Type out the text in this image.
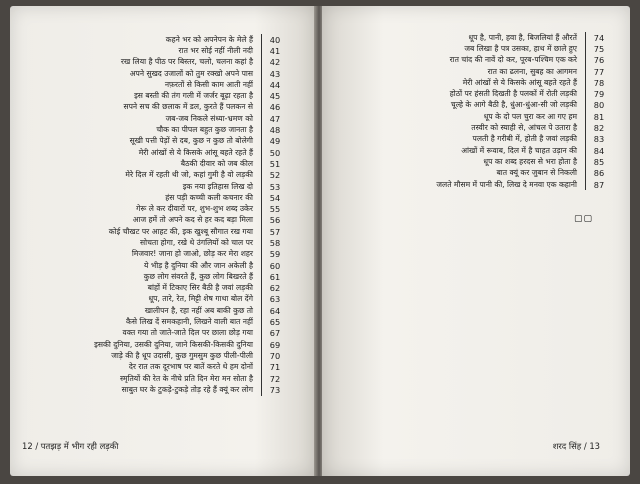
कहने भर को अपनेपन के मेले हैं	40
रात भर सोई नहीं नीली नदी	41
रख लिया है पीठ पर बिस्तर, चलो, चलना कहां है	42
अपने सुखद उजालों को तुम रक्खो अपने पास	43
नफ़रतों से किसी काम आती नहीं	44
इस बस्ती की तंग गली में जर्जर बूढ़ा रहता है	45
सपने सच की छलाक में डल, कुरते हैं पलकन से	46
जब-जब निकले संध्या-भ्रमण को	47
चौक का पीपल बहुत कुछ जानता है	48
सूखी पत्ती पेड़ों से दब, कुछ न कुछ तो बोलेगी	49
मेरी आंखों से ये किसके आंसू बहते रहते हैं	50
बैठकी दीवार को जब कील	51
मेरे दिल में रहती थी जो, कहां गुमी है वो लड़की	52
इक नया इतिहास लिख दो	53
हंस पड़ी कच्ची कली कचनार की	54
गेरू ले कर दीवारों पर, शुभ-शुभ शब्द उकेर	55
आज हमें तो अपने कद से हर कद बड़ा मिला	56
कोई चौखट पर आहट की, इक खुश्बू सौगात रख गया	57
सोचता होगा, रखे थे उंगलियों को चाल पर	58
मिजवार! जाना हो जाओ, छोड़ कर मेरा शहर	59
ये भीड़ है दुनिया की और जान अकेली है	60
कुछ लोग संवरते हैं, कुछ लोग बिखरते हैं	61
बांहों में टिकाए सिर बैठी है जवां लड़की	62
धूप, तारे, रेत, मिट्टी शेष गाथा बोल देंगे	63
खालीपन है, रहा नहीं अब बाकी कुछ तो	64
कैसे लिख दें समकहानी, लिखने वाली बात नहीं	65
वक्त गया तो जाते-जाते दिल पर छाला छोड़ गया	67
इसकी दुनिया, उसकी दुनिया, जाने किसकी-किसकी दुनिया	69
जाड़े की है धूप उदासी, कुछ गुमसुम कुछ पीली-पीली	70
देर रात तक दूरभाष पर बातें करते थे हम दोनों	71
स्मृतियों की रेत के नीचे प्रति दिन मेरा मन सोता है	72
साबुत घर के टुकड़े-टुकड़े तोड़ रहे हैं क्यूं कर लोग	73
12 / पतझड़ में भीग रही लड़की
धूप है, पानी, हवा है, बिजलियां हैं औरतें	74
जब लिखा है पत्र उसका, हाथ में छाले हुए	75
रात चांद की नावें दो कर, पूरब-पश्चिम एक करे	76
रात का ढलना, सुबह का आगमन	77
मेरी आंखों से ये किसके आंसू बहते रहते हैं	78
होठों पर हंसती दिखती है पलकों में रोती लड़की	79
चूल्हे के आगे बैठी है, धुंआ-धुंआ-सी जो लड़की	80
धूप के दो पल चुरा कर आ गए हम	81
तस्वीर को स्याही से, आंचल पे उतारा है	82
पलती है गरीबी में, होती है जवां लड़की	83
आंखों में रूवाब, दिल में है चाहत उड़ान की	84
धूप का शब्द हरदस से भरा होता है	85
बात क्यूं कर जुबान से निकली	86
जलते मौसम में पानी की, लिख दे मनवा एक कहानी	87
▢▢
शरद सिंह / 13
